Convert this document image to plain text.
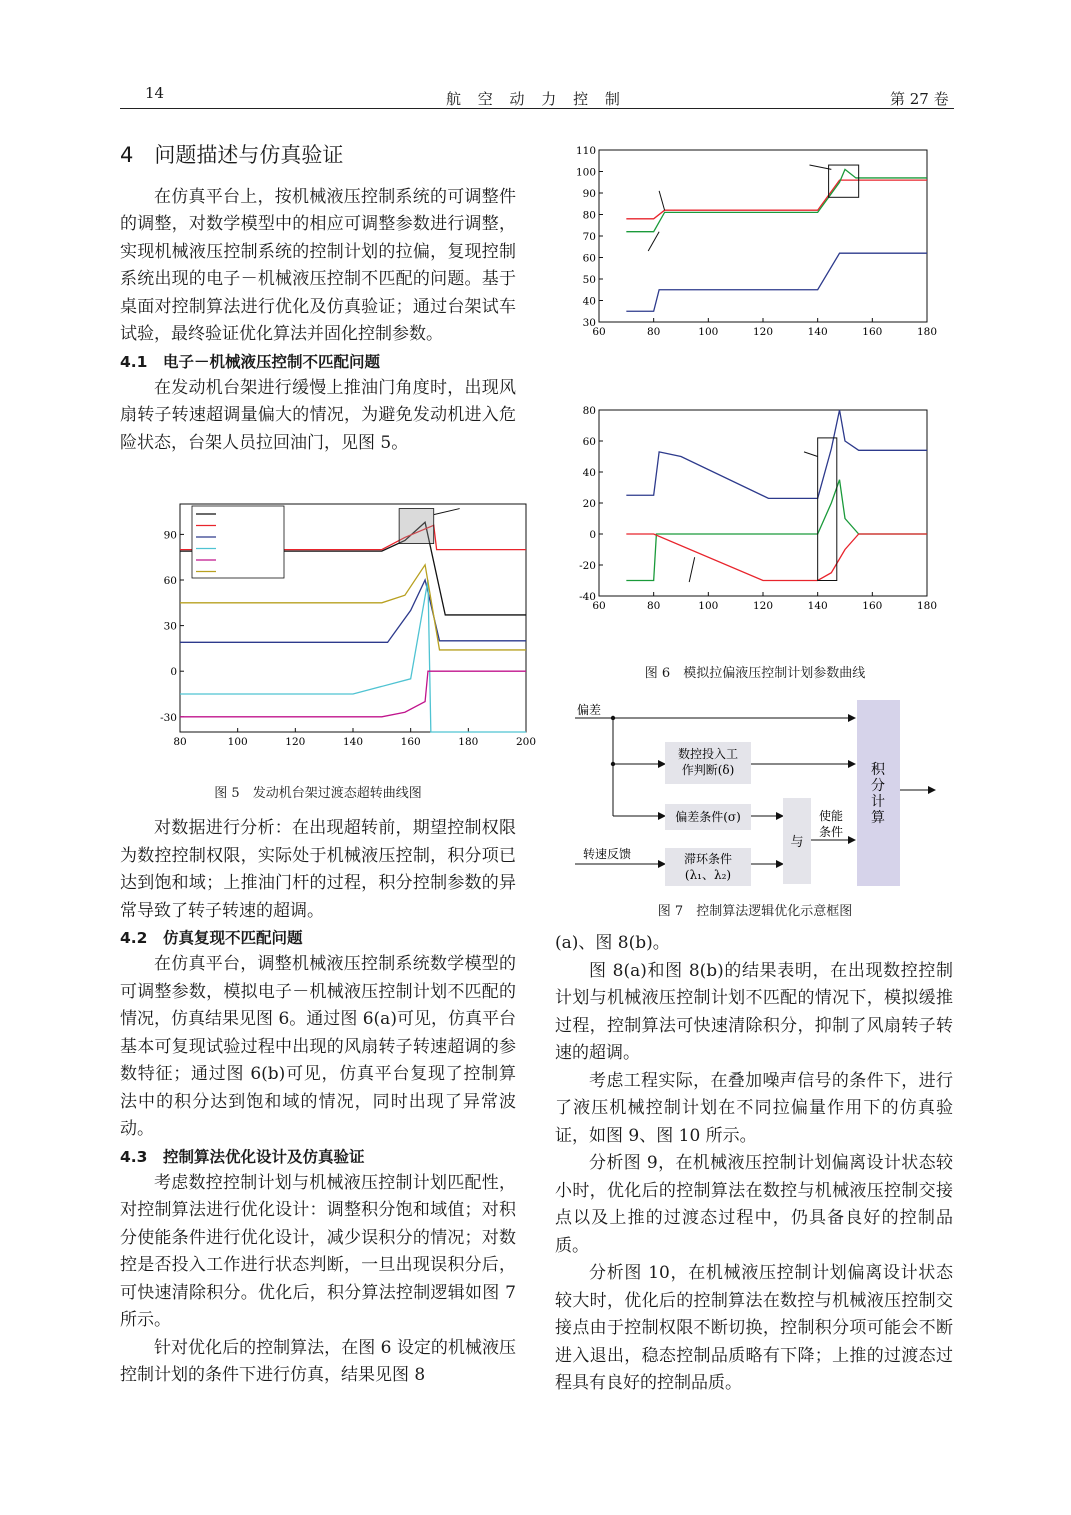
14	航 空 动 力 控 制	第 27 卷
4　问题描述与仿真验证

在仿真平台上，按机械液压控制系统的可调整件的调整，对数学模型中的相应可调整参数进行调整，实现机械液压控制系统的控制计划的拉偏，复现控制系统出现的电子－机械液压控制不匹配的问题。基于桌面对控制算法进行优化及仿真验证；通过台架试车试验，最终验证优化算法并固化控制参数。

4.1　电子－机械液压控制不匹配问题

在发动机台架进行缓慢上推油门角度时，出现风扇转子转速超调量偏大的情况，为避免发动机进入危险状态，台架人员拉回油门，见图 5。

80	100	120	140	160	180	200
-30
0
30
60
90
图 5　发动机台架过渡态超转曲线图

对数据进行分析：在出现超转前，期望控制权限为数控控制权限，实际处于机械液压控制，积分项已达到饱和域；上推油门杆的过程，积分控制参数的异常导致了转子转速的超调。

4.2　仿真复现不匹配问题

在仿真平台，调整机械液压控制系统数学模型的可调整参数，模拟电子－机械液压控制计划不匹配的情况，仿真结果见图 6。通过图 6(a)可见，仿真平台基本可复现试验过程中出现的风扇转子转速超调的参数特征；通过图 6(b)可见，仿真平台复现了控制算法中的积分达到饱和域的情况，同时出现了异常波动。

4.3　控制算法优化设计及仿真验证

考虑数控控制计划与机械液压控制计划匹配性，对控制算法进行优化设计：调整积分饱和域值；对积分使能条件进行优化设计，减少误积分的情况；对数控是否投入工作进行状态判断，一旦出现误积分后，可快速清除积分。优化后，积分算法控制逻辑如图 7 所示。

针对优化后的控制算法，在图 6 设定的机械液压控制计划的条件下进行仿真，结果见图 8

60	80	100	120	140	160	180
30
40
50
60
70
80
90
100
110
60	80	100	120	140	160	180
-40
-20
0
20
40
60
80
图 6　模拟拉偏液压控制计划参数曲线
偏差
转速反馈
数控投入工
作判断(δ)
偏差条件(σ)
滞环条件
(λ₁、λ₂)
与
使能
条件
积
分
计
算
图 7　控制算法逻辑优化示意框图

(a)、图 8(b)。

图 8(a)和图 8(b)的结果表明，在出现数控控制计划与机械液压控制计划不匹配的情况下，模拟缓推过程，控制算法可快速清除积分，抑制了风扇转子转速的超调。

考虑工程实际，在叠加噪声信号的条件下，进行了液压机械控制计划在不同拉偏量作用下的仿真验证，如图 9、图 10 所示。

分析图 9，在机械液压控制计划偏离设计状态较小时，优化后的控制算法在数控与机械液压控制交接点以及上推的过渡态过程中，仍具备良好的控制品质。

分析图 10，在机械液压控制计划偏离设计状态较大时，优化后的控制算法在数控与机械液压控制交接点由于控制权限不断切换，控制积分项可能会不断进入退出，稳态控制品质略有下降；上推的过渡态过程具有良好的控制品质。
